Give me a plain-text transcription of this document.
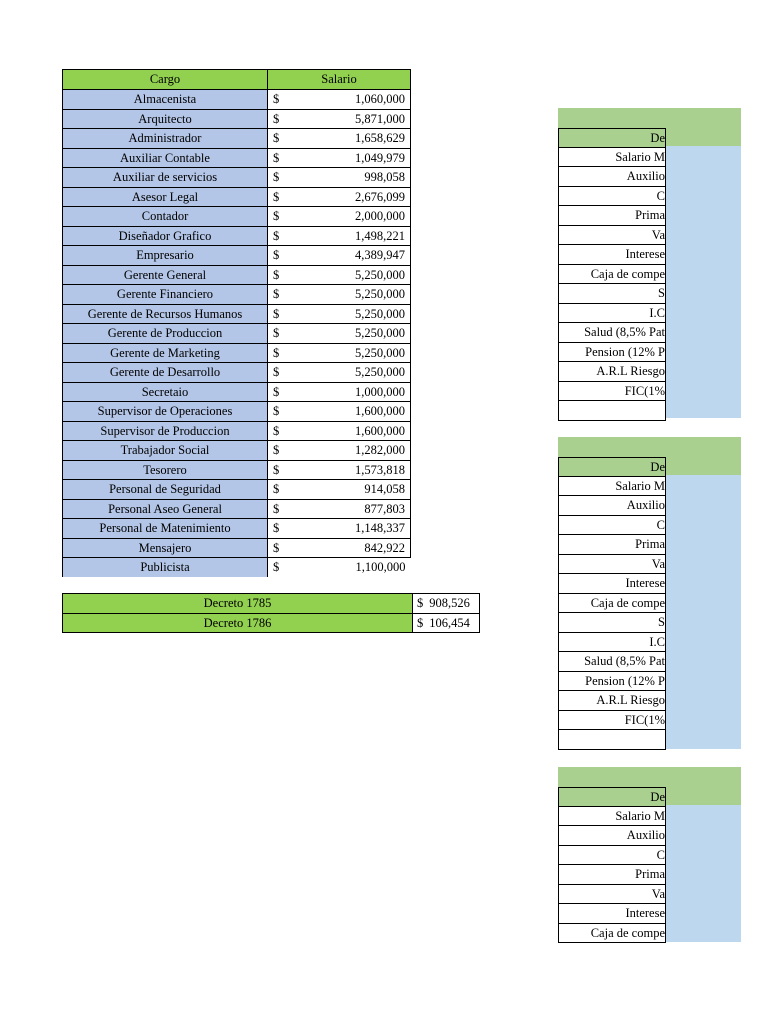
Cargo	Salario
Almacenista	$ 1,060,000

Arquitecto	$ 5,871,000

Administrador	$ 1,658,629

Auxiliar Contable	$ 1,049,979

Auxiliar de servicios	$ 998,058

Asesor Legal	$ 2,676,099

Contador	$ 2,000,000

Diseñador Grafico	$ 1,498,221

Empresario	$ 4,389,947

Gerente General	$ 5,250,000

Gerente Financiero	$ 5,250,000

Gerente de Recursos Humanos	$ 5,250,000

Gerente de Produccion	$ 5,250,000

Gerente de Marketing	$ 5,250,000

Gerente de Desarrollo	$ 5,250,000

Secretaio	$ 1,000,000

Supervisor de Operaciones	$ 1,600,000

Supervisor de Produccion	$ 1,600,000

Trabajador Social	$ 1,282,000

Tesorero	$ 1,573,818

Personal de Seguridad	$ 914,058

Personal Aseo General	$ 877,803

Personal de Matenimiento	$ 1,148,337

Mensajero	$ 842,922

Publicista	$ 1,100,000
Decreto 1785	$ 908,526

Decreto 1786	$ 106,454
De
Salario M
Auxilio
C
Prima
Va
Interese
Caja de compe
S
I.C
Salud (8,5% Pat
Pension (12% P
A.R.L Riesgo
FIC(1%
De
Salario M
Auxilio
C
Prima
Va
Interese
Caja de compe
S
I.C
Salud (8,5% Pat
Pension (12% P
A.R.L Riesgo
FIC(1%
De
Salario M
Auxilio
C
Prima
Va
Interese
Caja de compe
